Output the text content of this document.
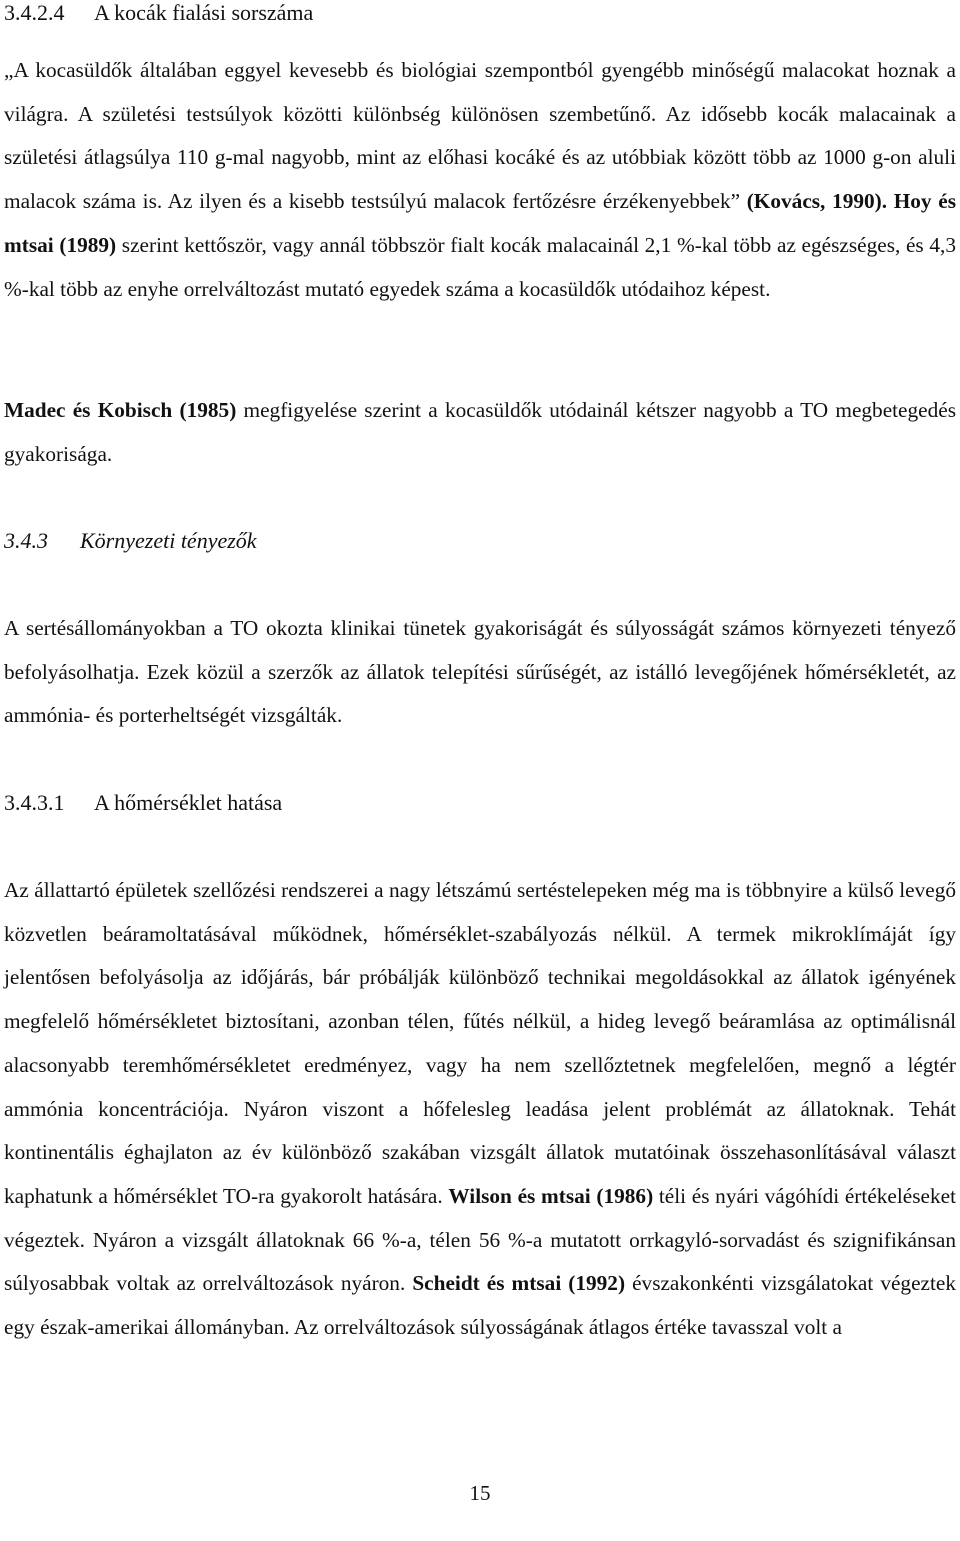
3.4.2.4 A kocák fialási sorszáma

„A kocasüldők általában eggyel kevesebb és biológiai szempontból gyengébb minőségű malacokat hoznak a világra. A születési testsúlyok közötti különbség különösen szembetűnő. Az idősebb kocák malacainak a születési átlagsúlya 110 g-mal nagyobb, mint az előhasi kocáké és az utóbbiak között több az 1000 g-on aluli malacok száma is. Az ilyen és a kisebb testsúlyú malacok fertőzésre érzékenyebbek” (Kovács, 1990). Hoy és mtsai (1989) szerint kettőször, vagy annál többször fialt kocák malacainál 2,1 %-kal több az egészséges, és 4,3 %-kal több az enyhe orrelváltozást mutató egyedek száma a kocasüldők utódaihoz képest.

Madec és Kobisch (1985) megfigyelése szerint a kocasüldők utódainál kétszer nagyobb a TO megbetegedés gyakorisága.

3.4.3 Környezeti tényezők

A sertésállományokban a TO okozta klinikai tünetek gyakoriságát és súlyosságát számos környezeti tényező befolyásolhatja. Ezek közül a szerzők az állatok telepítési sűrűségét, az istálló levegőjének hőmérsékletét, az ammónia- és porterheltségét vizsgálták.

3.4.3.1 A hőmérséklet hatása

Az állattartó épületek szellőzési rendszerei a nagy létszámú sertéstelepeken még ma is többnyire a külső levegő közvetlen beáramoltatásával működnek, hőmérséklet-szabályozás nélkül. A termek mikroklímáját így jelentősen befolyásolja az időjárás, bár próbálják különböző technikai megoldásokkal az állatok igényének megfelelő hőmérsékletet biztosítani, azonban télen, fűtés nélkül, a hideg levegő beáramlása az optimálisnál alacsonyabb teremhőmérsékletet eredményez, vagy ha nem szellőztetnek megfelelően, megnő a légtér ammónia koncentrációja. Nyáron viszont a hőfelesleg leadása jelent problémát az állatoknak. Tehát kontinentális éghajlaton az év különböző szakában vizsgált állatok mutatóinak összehasonlításával választ kaphatunk a hőmérséklet TO-ra gyakorolt hatására. Wilson és mtsai (1986) téli és nyári vágóhídi értékeléseket végeztek. Nyáron a vizsgált állatoknak 66 %-a, télen 56 %-a mutatott orrkagyló-sorvadást és szignifikánsan súlyosabbak voltak az orrelváltozások nyáron. Scheidt és mtsai (1992) évszakonkénti vizsgálatokat végeztek egy észak-amerikai állományban. Az orrelváltozások súlyosságának átlagos értéke tavasszal volt a

15
